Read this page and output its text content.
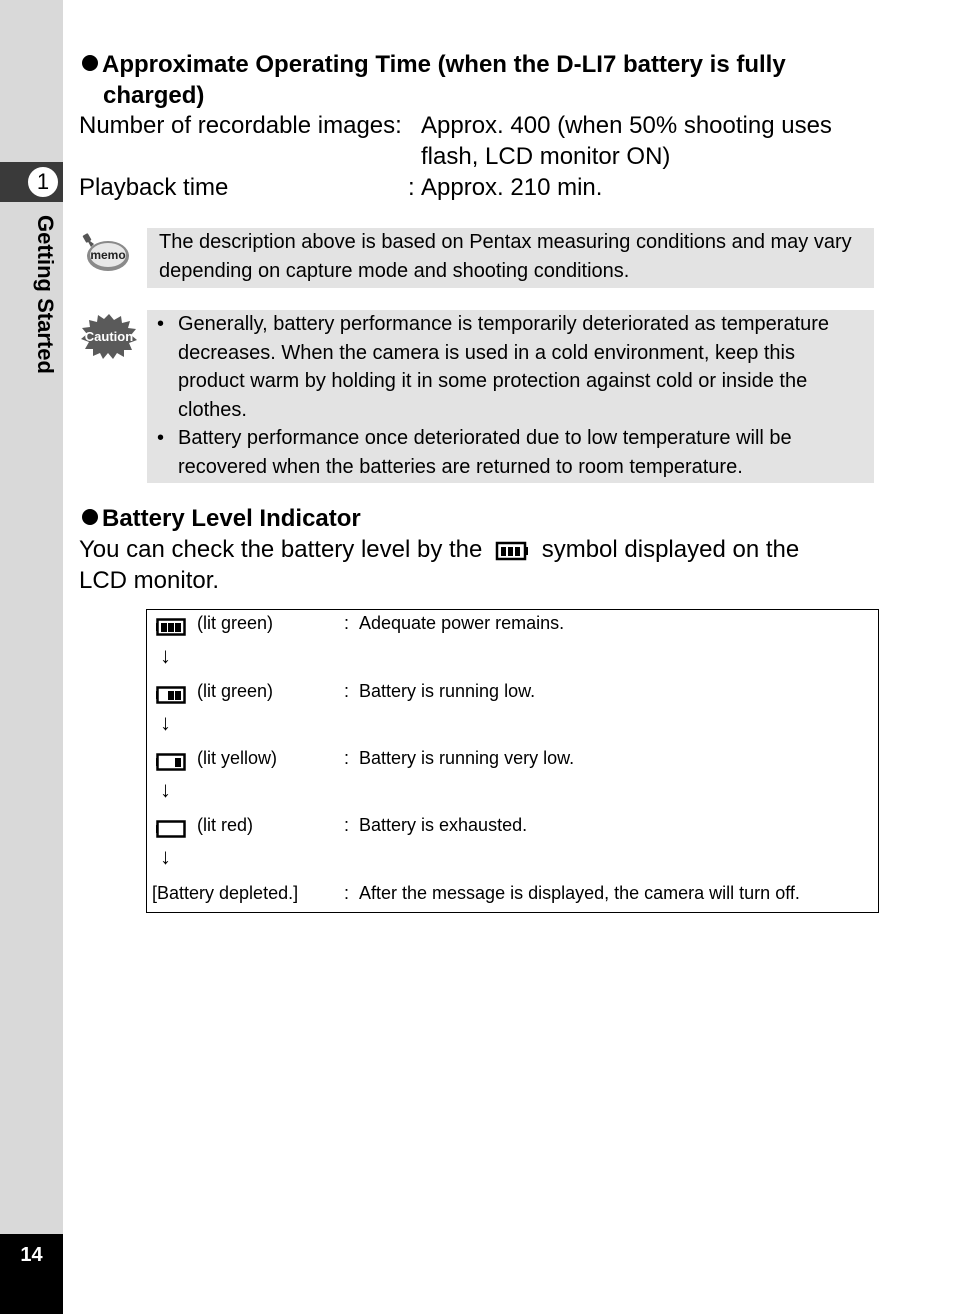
1
Getting Started
14
Approximate Operating Time (when the D-LI7 battery is fully
charged)
Number of recordable images: Approx. 400 (when 50% shooting uses
flash, LCD monitor ON)
Playback time	: Approx. 210 min.
memo
The description above is based on Pentax measuring conditions and may vary depending on capture mode and shooting conditions.
Caution
• Generally, battery performance is temporarily deteriorated as temperature decreases. When the camera is used in a cold environment, keep this product warm by holding it in some protection against cold or inside the clothes.
• Battery performance once deteriorated due to low temperature will be recovered when the batteries are returned to room temperature.
Battery Level Indicator
You can check the battery level by the symbol displayed on the
LCD monitor.
(lit green)	: Adequate power remains.
↓
(lit green)	: Battery is running low.
↓
(lit yellow)	: Battery is running very low.
↓
(lit red)	: Battery is exhausted.
↓
[Battery depleted.]	: After the message is displayed, the camera will turn off.
